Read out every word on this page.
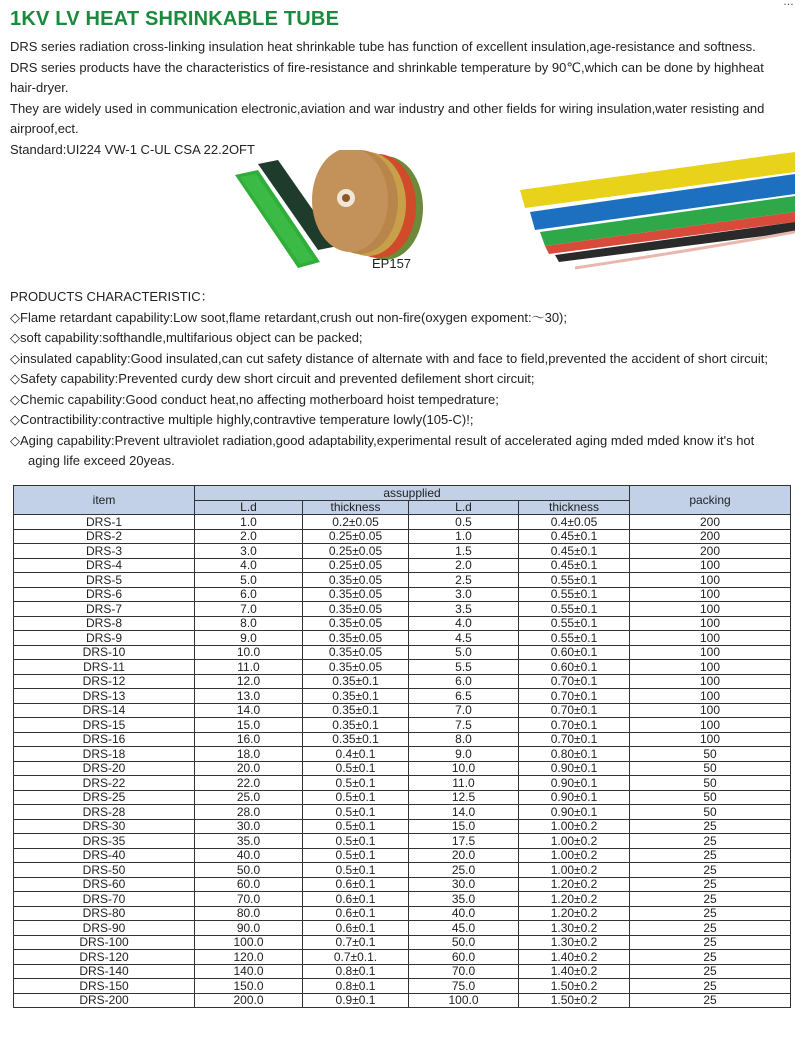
…
1KV LV HEAT SHRINKABLE TUBE

DRS series radiation cross-linking insulation heat shrinkable tube has function of excellent insulation,age-resistance and softness.

DRS series products have the characteristics of fire-resistance and shrinkable temperature by 90℃,which can be done by highheat hair-dryer.

They are widely used in communication electronic,aviation and war industry and other fields for wiring insulation,water resisting and airproof,ect.

Standard:UI224 VW-1 C-UL CSA 22.2OFT

EP157
PRODUCTS CHARACTERISTIC：
◇Flame retardant capability:Low soot,flame retardant,crush out non-fire(oxygen expoment:～30);
◇soft capability:softhandle,multifarious object can be packed;
◇insulated capablity:Good insulated,can cut safety distance of alternate with and face to field,prevented the accident of short circuit;
◇Safety capability:Prevented curdy dew short circuit and prevented defilement short circuit;
◇Chemic capability:Good conduct heat,no affecting motherboard hoist tempedrature;
◇Contractibility:contractive multiple highly,contravtive temperature lowly(105-C)!;
◇Aging capability:Prevent ultraviolet radiation,good adaptability,experimental result of accelerated aging mded mded know it's hot
aging life exceed 20yeas.
item	assupplied				packing
	L.d	thickness	L.d	thickness	
DRS-1	1.0	0.2±0.05	0.5	0.4±0.05	200
DRS-2	2.0	0.25±0.05	1.0	0.45±0.1	200
DRS-3	3.0	0.25±0.05	1.5	0.45±0.1	200
DRS-4	4.0	0.25±0.05	2.0	0.45±0.1	100
DRS-5	5.0	0.35±0.05	2.5	0.55±0.1	100
DRS-6	6.0	0.35±0.05	3.0	0.55±0.1	100
DRS-7	7.0	0.35±0.05	3.5	0.55±0.1	100
DRS-8	8.0	0.35±0.05	4.0	0.55±0.1	100
DRS-9	9.0	0.35±0.05	4.5	0.55±0.1	100
DRS-10	10.0	0.35±0.05	5.0	0.60±0.1	100
DRS-11	11.0	0.35±0.05	5.5	0.60±0.1	100
DRS-12	12.0	0.35±0.1	6.0	0.70±0.1	100
DRS-13	13.0	0.35±0.1	6.5	0.70±0.1	100
DRS-14	14.0	0.35±0.1	7.0	0.70±0.1	100
DRS-15	15.0	0.35±0.1	7.5	0.70±0.1	100
DRS-16	16.0	0.35±0.1	8.0	0.70±0.1	100
DRS-18	18.0	0.4±0.1	9.0	0.80±0.1	50
DRS-20	20.0	0.5±0.1	10.0	0.90±0.1	50
DRS-22	22.0	0.5±0.1	11.0	0.90±0.1	50
DRS-25	25.0	0.5±0.1	12.5	0.90±0.1	50
DRS-28	28.0	0.5±0.1	14.0	0.90±0.1	50
DRS-30	30.0	0.5±0.1	15.0	1.00±0.2	25
DRS-35	35.0	0.5±0.1	17.5	1.00±0.2	25
DRS-40	40.0	0.5±0.1	20.0	1.00±0.2	25
DRS-50	50.0	0.5±0.1	25.0	1.00±0.2	25
DRS-60	60.0	0.6±0.1	30.0	1.20±0.2	25
DRS-70	70.0	0.6±0.1	35.0	1.20±0.2	25
DRS-80	80.0	0.6±0.1	40.0	1.20±0.2	25
DRS-90	90.0	0.6±0.1	45.0	1.30±0.2	25
DRS-100	100.0	0.7±0.1	50.0	1.30±0.2	25
DRS-120	120.0	0.7±0.1.	60.0	1.40±0.2	25
DRS-140	140.0	0.8±0.1	70.0	1.40±0.2	25
DRS-150	150.0	0.8±0.1	75.0	1.50±0.2	25
DRS-200	200.0	0.9±0.1	100.0	1.50±0.2	25
